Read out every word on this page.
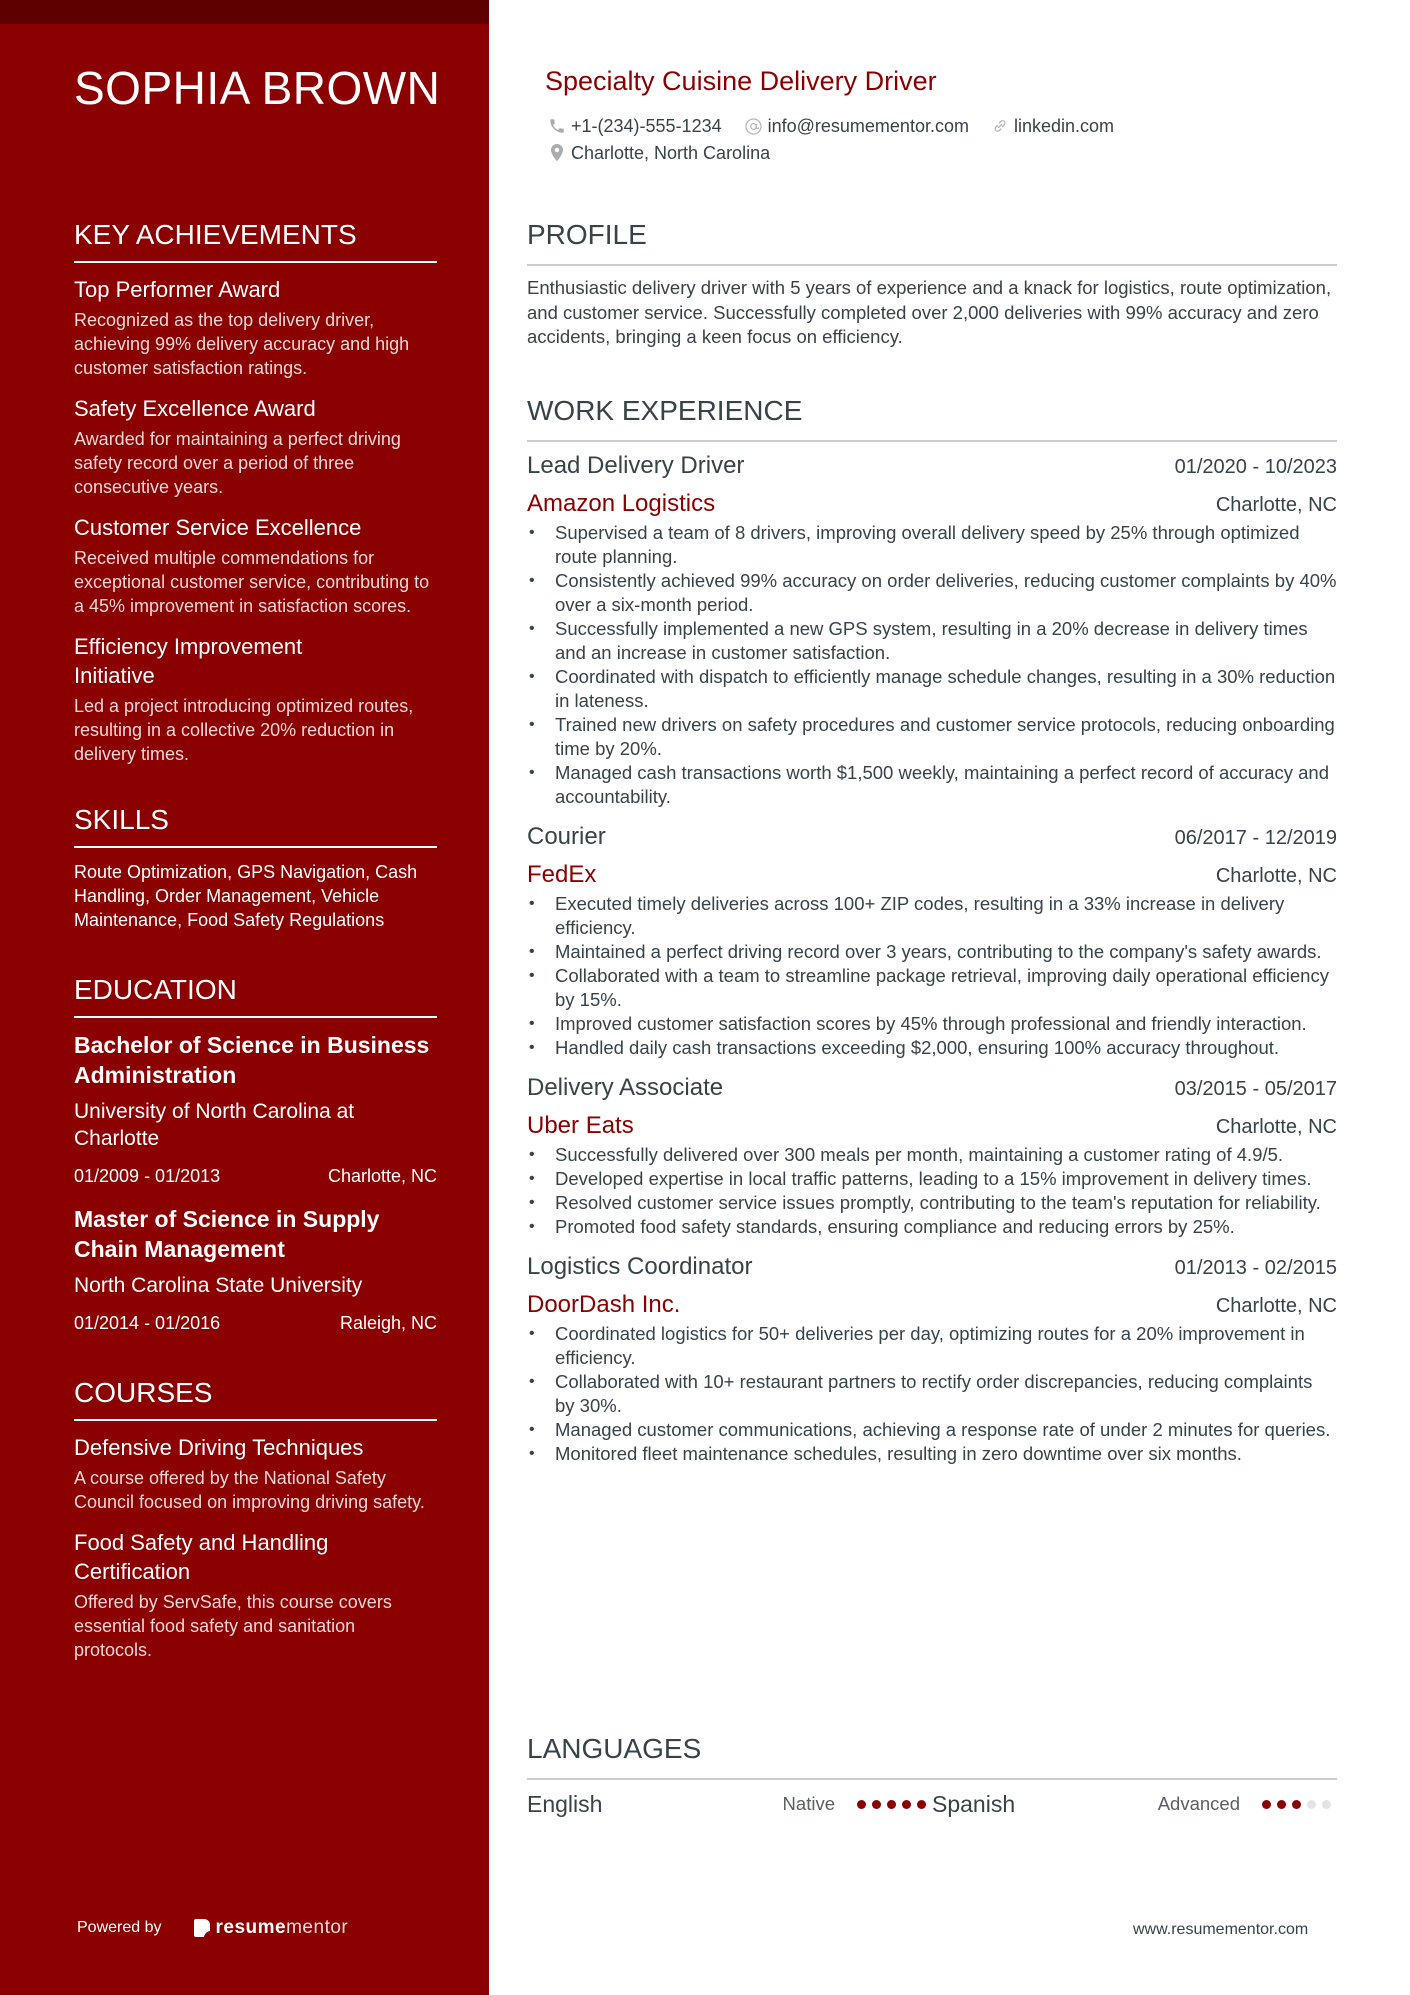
SOPHIA BROWN
KEY ACHIEVEMENTS
Top Performer Award
Recognized as the top delivery driver, achieving 99% delivery accuracy and high customer satisfaction ratings.
Safety Excellence Award
Awarded for maintaining a perfect driving safety record over a period of three consecutive years.
Customer Service Excellence
Received multiple commendations for exceptional customer service, contributing to a 45% improvement in satisfaction scores.
Efficiency Improvement Initiative
Led a project introducing optimized routes, resulting in a collective 20% reduction in delivery times.
SKILLS

Route Optimization, GPS Navigation, Cash Handling, Order Management, Vehicle Maintenance, Food Safety Regulations

EDUCATION
Bachelor of Science in Business Administration
University of North Carolina at Charlotte
01/2009 - 01/2013	Charlotte, NC
Master of Science in Supply Chain Management
North Carolina State University
01/2014 - 01/2016	Raleigh, NC
COURSES
Defensive Driving Techniques
A course offered by the National Safety Council focused on improving driving safety.
Food Safety and Handling Certification
Offered by ServSafe, this course covers essential food safety and sanitation protocols.
Powered by	resume mentor
Specialty Cuisine Delivery Driver
+1-(234)-555-1234	info@resumementor.com	linkedin.com
Charlotte, North Carolina
PROFILE

Enthusiastic delivery driver with 5 years of experience and a knack for logistics, route optimization, and customer service. Successfully completed over 2,000 deliveries with 99% accuracy and zero accidents, bringing a keen focus on efficiency.

WORK EXPERIENCE
Lead Delivery Driver	01/2020 - 10/2023
Amazon Logistics	Charlotte, NC
• Supervised a team of 8 drivers, improving overall delivery speed by 25% through optimized route planning.
• Consistently achieved 99% accuracy on order deliveries, reducing customer complaints by 40% over a six-month period.
• Successfully implemented a new GPS system, resulting in a 20% decrease in delivery times and an increase in customer satisfaction.
• Coordinated with dispatch to efficiently manage schedule changes, resulting in a 30% reduction in lateness.
• Trained new drivers on safety procedures and customer service protocols, reducing onboarding time by 20%.
• Managed cash transactions worth $1,500 weekly, maintaining a perfect record of accuracy and accountability.
Courier	06/2017 - 12/2019
FedEx	Charlotte, NC
• Executed timely deliveries across 100+ ZIP codes, resulting in a 33% increase in delivery efficiency.
• Maintained a perfect driving record over 3 years, contributing to the company's safety awards.
• Collaborated with a team to streamline package retrieval, improving daily operational efficiency by 15%.
• Improved customer satisfaction scores by 45% through professional and friendly interaction.
• Handled daily cash transactions exceeding $2,000, ensuring 100% accuracy throughout.
Delivery Associate	03/2015 - 05/2017
Uber Eats	Charlotte, NC
• Successfully delivered over 300 meals per month, maintaining a customer rating of 4.9/5.
• Developed expertise in local traffic patterns, leading to a 15% improvement in delivery times.
• Resolved customer service issues promptly, contributing to the team's reputation for reliability.
• Promoted food safety standards, ensuring compliance and reducing errors by 25%.
Logistics Coordinator	01/2013 - 02/2015
DoorDash Inc.	Charlotte, NC
• Coordinated logistics for 50+ deliveries per day, optimizing routes for a 20% improvement in efficiency.
• Collaborated with 10+ restaurant partners to rectify order discrepancies, reducing complaints by 30%.
• Managed customer communications, achieving a response rate of under 2 minutes for queries.
• Monitored fleet maintenance schedules, resulting in zero downtime over six months.
LANGUAGES
English	Native	Spanish	Advanced
www.resumementor.com
